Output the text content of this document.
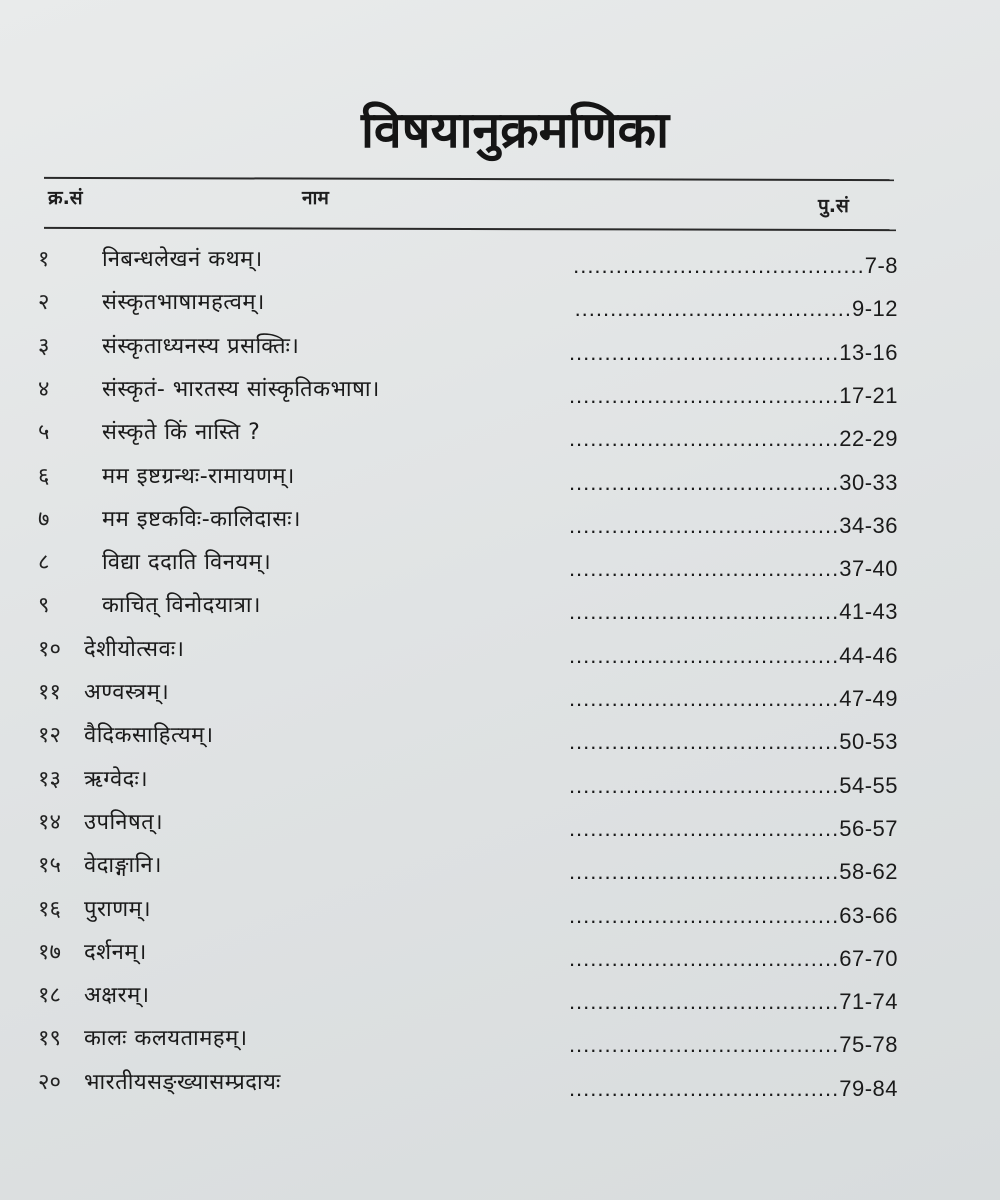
विषयानुक्रमणिका
क्र.सं	नाम	पु.सं
१	निबन्धलेखनं कथम्।	.........................................7-8
२	संस्कृतभाषामहत्वम्।	.......................................9-12
३	संस्कृताध्यनस्य प्रसक्तिः।	......................................13-16
४	संस्कृतं- भारतस्य सांस्कृतिकभाषा।	......................................17-21
५	संस्कृते किं नास्ति ?	......................................22-29
६	मम इष्टग्रन्थः-रामायणम्।	......................................30-33
७	मम इष्टकविः-कालिदासः।	......................................34-36
८	विद्या ददाति विनयम्।	......................................37-40
९	काचित् विनोदयात्रा।	......................................41-43
१०	देशीयोत्सवः।	......................................44-46
११	अण्वस्त्रम्।	......................................47-49
१२	वैदिकसाहित्यम्।	......................................50-53
१३	ऋग्वेदः।	......................................54-55
१४	उपनिषत्।	......................................56-57
१५	वेदाङ्गानि।	......................................58-62
१६	पुराणम्।	......................................63-66
१७	दर्शनम्।	......................................67-70
१८	अक्षरम्।	......................................71-74
१९	कालः कलयतामहम्।	......................................75-78
२०	भारतीयसङ्ख्यासम्प्रदायः	......................................79-84
